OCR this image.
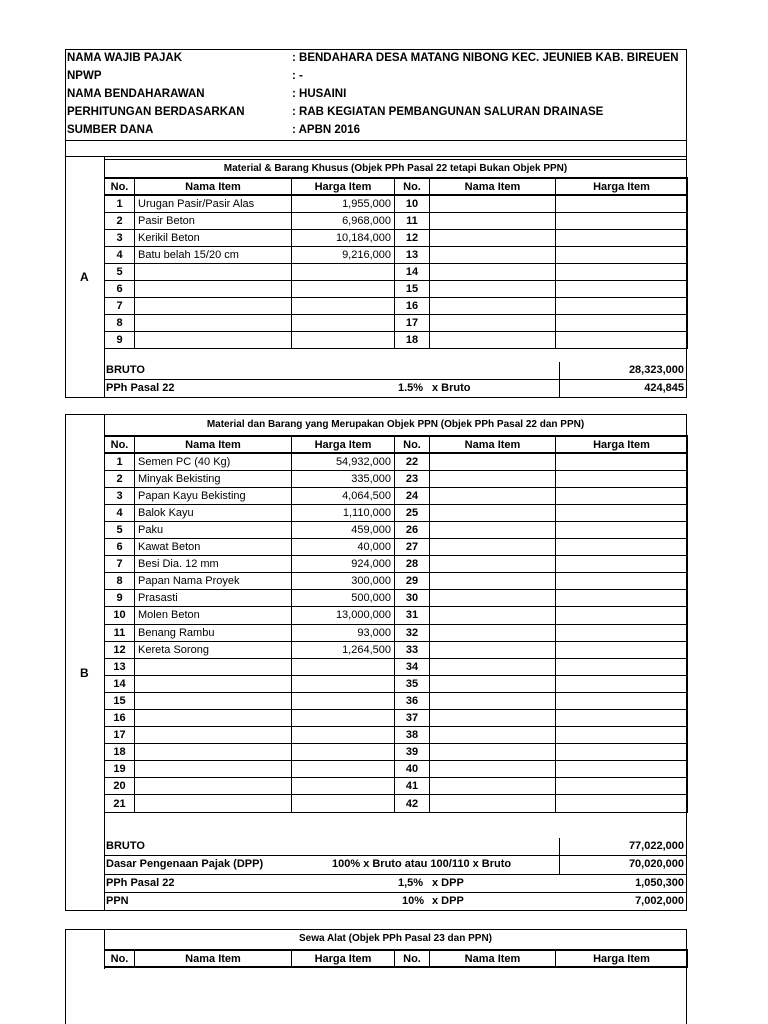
NAMA WAJIB PAJAK	: BENDAHARA DESA MATANG NIBONG KEC. JEUNIEB KAB. BIREUEN
NPWP	: -
NAMA BENDAHARAWAN	: HUSAINI
PERHITUNGAN BERDASARKAN	: RAB KEGIATAN PEMBANGUNAN SALURAN DRAINASE
SUMBER DANA	: APBN 2016
A
Material & Barang Khusus (Objek PPh Pasal 22 tetapi Bukan Objek PPN)
No.	Nama Item	Harga Item	No.	Nama Item	Harga Item
1	Urugan Pasir/Pasir Alas	1,955,000	10		
2	Pasir Beton	6,968,000	11		
3	Kerikil Beton	10,184,000	12		
4	Batu belah 15/20 cm	9,216,000	13		
5			14		
6			15		
7			16		
8			17		
9			18		
BRUTO	28,323,000
PPh Pasal 22	1.5% x Bruto	424,845
B
Material dan Barang yang Merupakan Objek PPN (Objek PPh Pasal 22 dan PPN)
No.	Nama Item	Harga Item	No.	Nama Item	Harga Item
1	Semen PC (40 Kg)	54,932,000	22		
2	Minyak Bekisting	335,000	23		
3	Papan Kayu Bekisting	4,064,500	24		
4	Balok Kayu	1,110,000	25		
5	Paku	459,000	26		
6	Kawat Beton	40,000	27		
7	Besi Dia. 12 mm	924,000	28		
8	Papan Nama Proyek	300,000	29		
9	Prasasti	500,000	30		
10	Molen Beton	13,000,000	31		
11	Benang Rambu	93,000	32		
12	Kereta Sorong	1,264,500	33		
13			34		
14			35		
15			36		
16			37		
17			38		
18			39		
19			40		
20			41		
21			42		
BRUTO	77,022,000
Dasar Pengenaan Pajak (DPP)	100% x Bruto atau 100/110 x Bruto	70,020,000
PPh Pasal 22	1,5% x DPP	1,050,300
PPN	10% x DPP	7,002,000
Sewa Alat (Objek PPh Pasal 23 dan PPN)
No.	Nama Item	Harga Item	No.	Nama Item	Harga Item
